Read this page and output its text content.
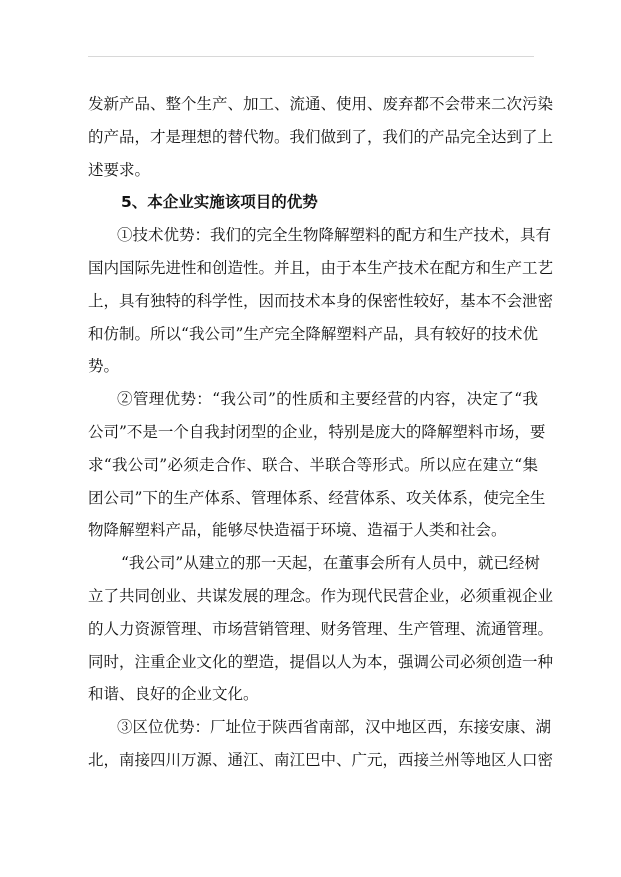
发新产品、整个生产、加工、流通、使用、废弃都不会带来二次污染
的产品，才是理想的替代物。我们做到了，我们的产品完全达到了上
述要求。

5、本企业实施该项目的优势

①技术优势：我们的完全生物降解塑料的配方和生产技术，具有
国内国际先进性和创造性。并且，由于本生产技术在配方和生产工艺
上，具有独特的科学性，因而技术本身的保密性较好，基本不会泄密
和仿制。所以“我公司”生产完全降解塑料产品，具有较好的技术优
势。

②管理优势：“我公司”的性质和主要经营的内容，决定了“我
公司”不是一个自我封闭型的企业，特别是庞大的降解塑料市场，要
求“我公司”必须走合作、联合、半联合等形式。所以应在建立“集
团公司”下的生产体系、管理体系、经营体系、攻关体系，使完全生
物降解塑料产品，能够尽快造福于环境、造福于人类和社会。

“我公司”从建立的那一天起，在董事会所有人员中，就已经树
立了共同创业、共谋发展的理念。作为现代民营企业，必须重视企业
的人力资源管理、市场营销管理、财务管理、生产管理、流通管理。
同时，注重企业文化的塑造，提倡以人为本，强调公司必须创造一种
和谐、良好的企业文化。

③区位优势：厂址位于陕西省南部，汉中地区西，东接安康、湖
北，南接四川万源、通江、南江巴中、广元，西接兰州等地区人口密
